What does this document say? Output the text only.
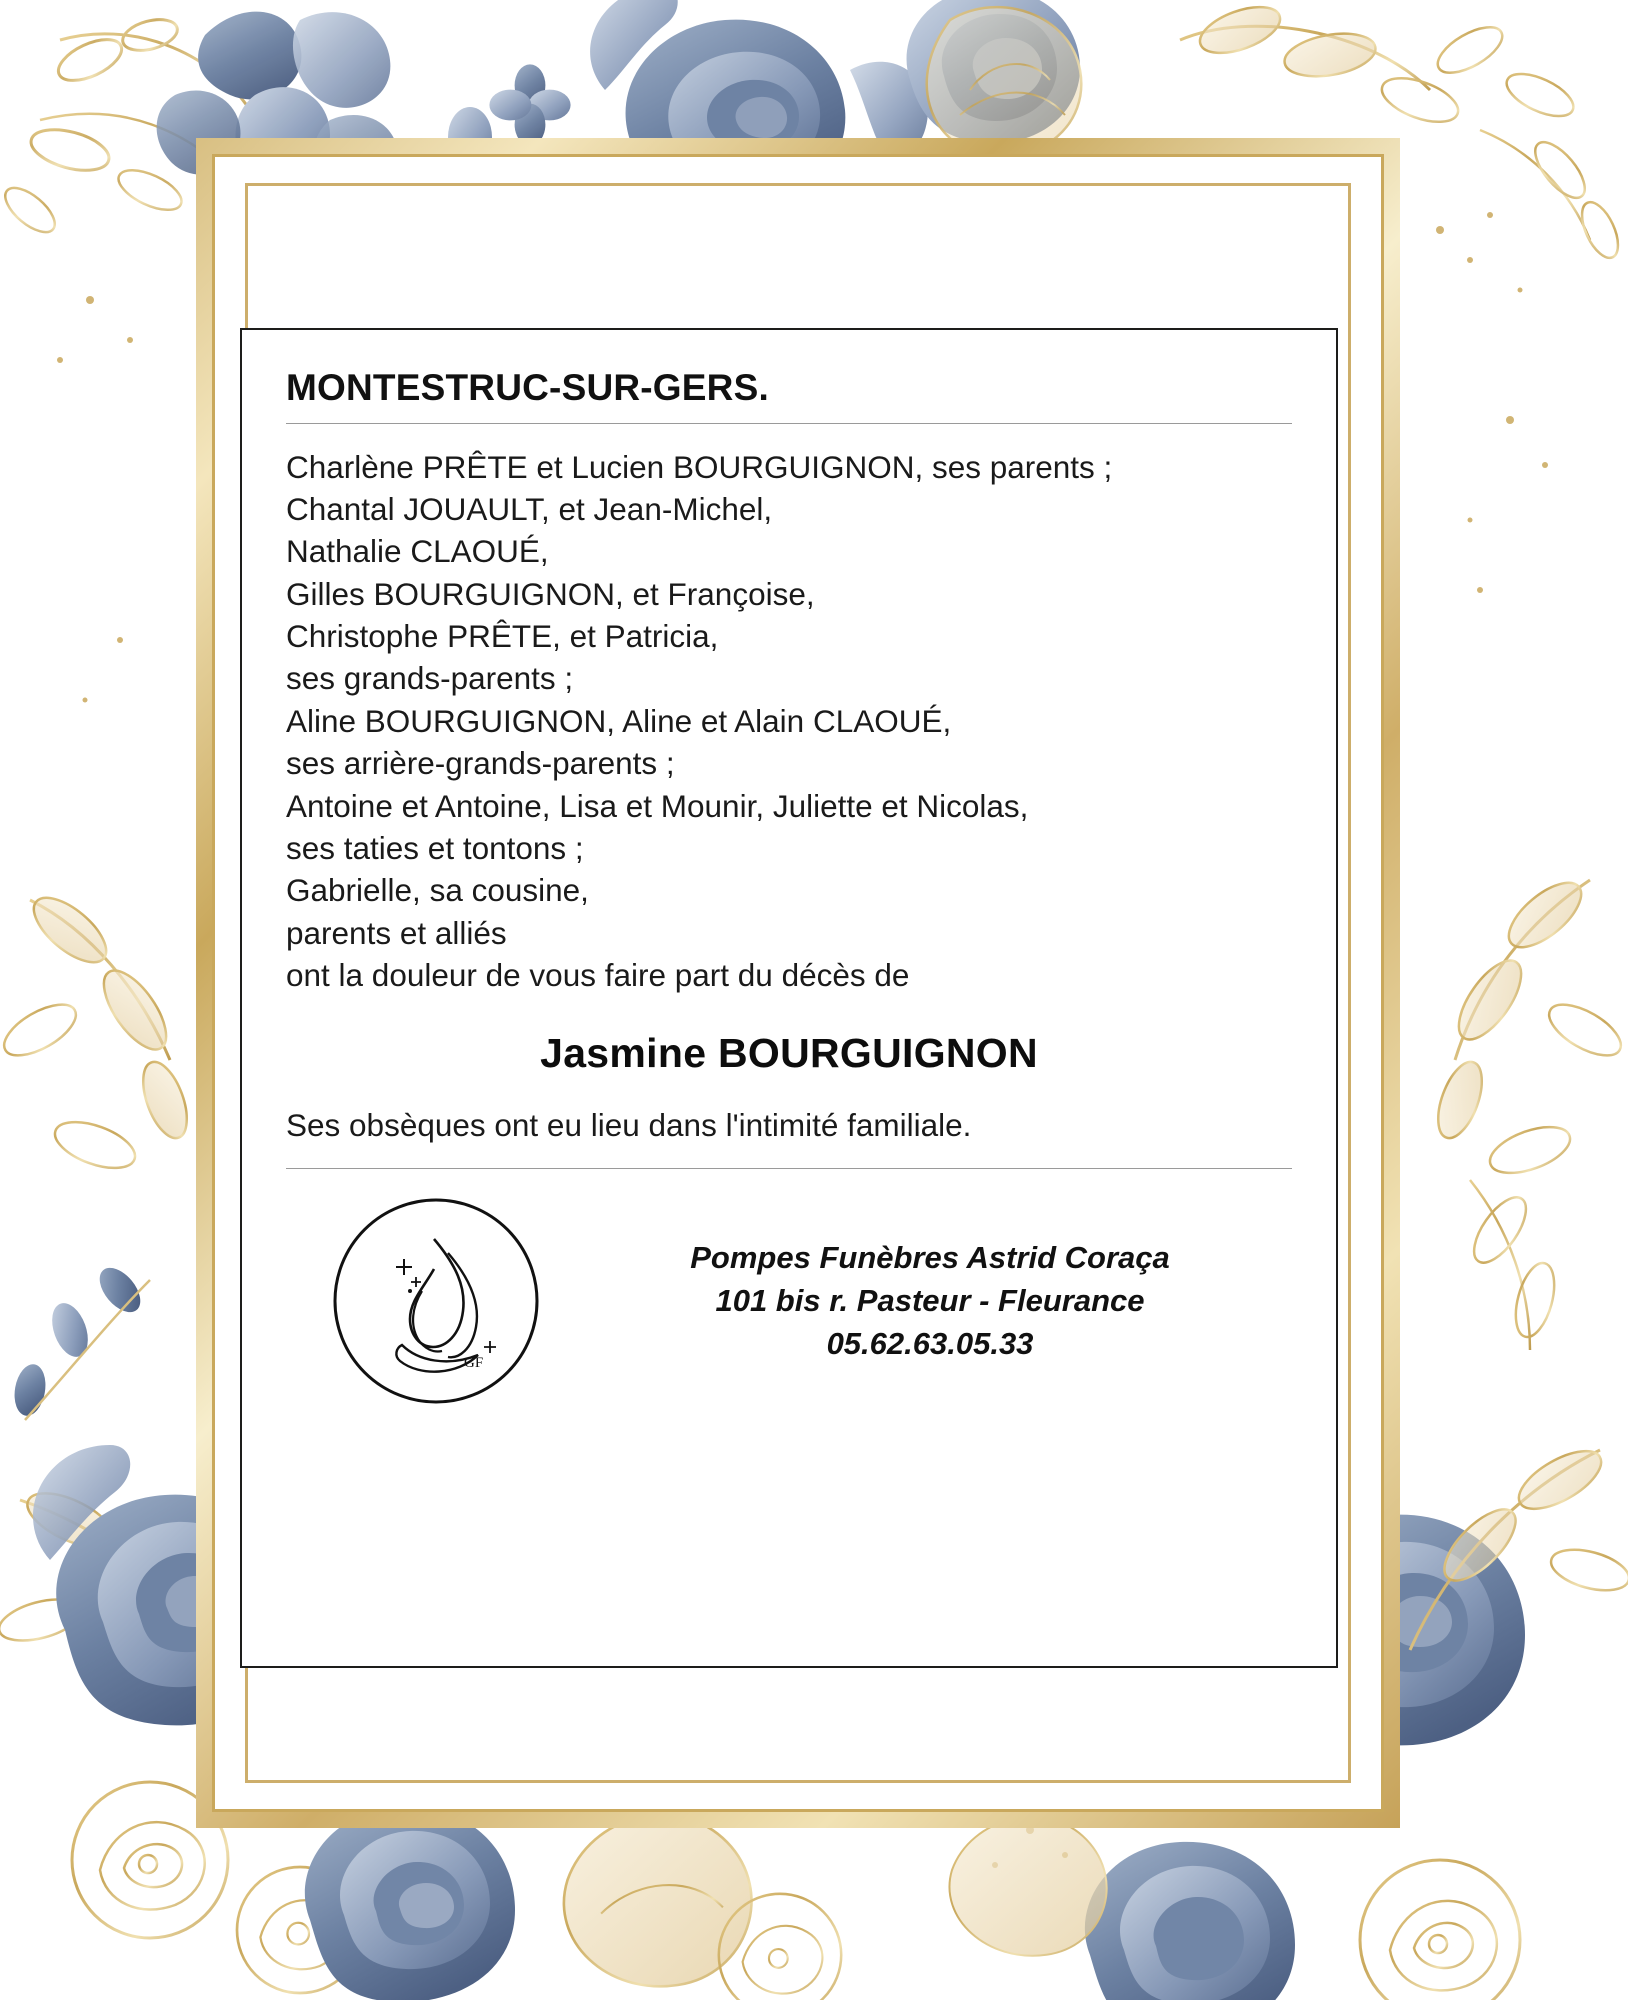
MONTESTRUC-SUR-GERS.
Charlène PRÊTE et Lucien BOURGUIGNON, ses parents ;
Chantal JOUAULT, et Jean-Michel,
Nathalie CLAOUÉ,
Gilles BOURGUIGNON, et Françoise,
Christophe PRÊTE, et Patricia,
ses grands-parents ;
Aline BOURGUIGNON, Aline et Alain CLAOUÉ,
ses arrière-grands-parents ;
Antoine et Antoine, Lisa et Mounir, Juliette et Nicolas,
ses taties et tontons ;
Gabrielle, sa cousine,
parents et alliés
ont la douleur de vous faire part du décès de
Jasmine BOURGUIGNON
Ses obsèques ont eu lieu dans l'intimité familiale.
GF
Pompes Funèbres Astrid Coraça
101 bis r. Pasteur - Fleurance
05.62.63.05.33
